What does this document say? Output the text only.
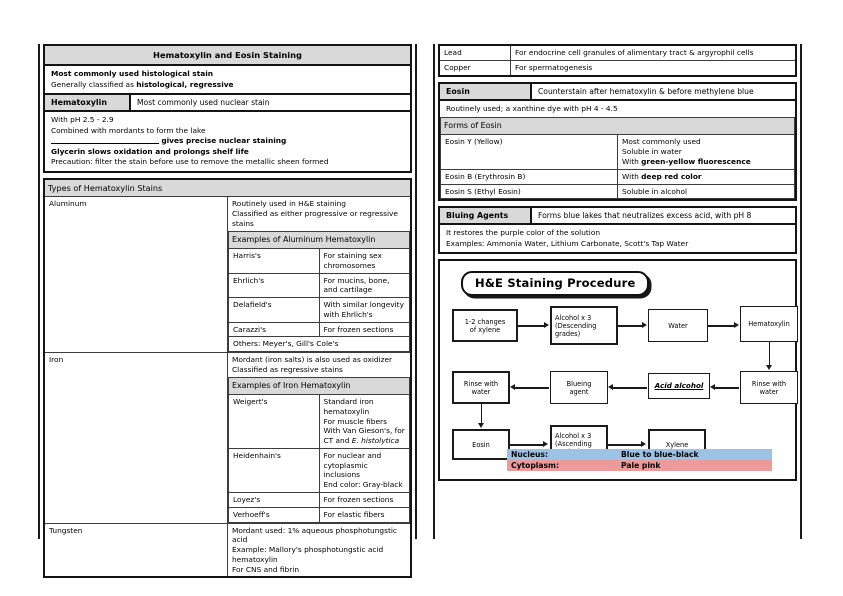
Hematoxylin and Eosin Staining
Most commonly used histological stain
Generally classified as histological, regressive
Hematoxylin	Most commonly used nuclear stain
With pH 2.5 - 2.9
Combined with mordants to form the lake
gives precise nuclear staining
Glycerin slows oxidation and prolongs shelf life
Precaution: filter the stain before use to remove the metallic sheen formed
Types of Hematoxylin Stains
Aluminum	Routinely used in H&E staining
Classified as either progressive or regressive stains
Examples of Aluminum Hematoxylin
Harris's	For staining sex chromosomes
Ehrlich's	For mucins, bone, and cartilage
Delafield's	With similar longevity with Ehrlich's
Carazzi's	For frozen sections
Others: Meyer's, Gill's Cole's

Iron	Mordant (iron salts) is also used as oxidizer
Classified as regressive stains
Examples of Iron Hematoxylin
Weigert's	Standard iron hematoxylin
For muscle fibers
With Van Gieson's, for CT and E. histolytica
Heidenhain's	For nuclear and cytoplasmic inclusions
End color: Gray-black
Loyez's	For frozen sections
Verhoeff's	For elastic fibers

Tungsten	Mordant used: 1% aqueous phosphotungstic acid
Example: Mallory's phosphotungstic acid hematoxylin
For CNS and fibrin
Lead	For endocrine cell granules of alimentary tract & argyrophil cells
Copper	For spermatogenesis
Eosin	Counterstain after hematoxylin & before methylene blue
Routinely used; a xanthine dye with pH 4 - 4.5
Forms of Eosin	
Eosin Y (Yellow)	Most commonly used
Soluble in water
With green-yellow fluorescence
Eosin B (Erythrosin B)	With deep red color
Eosin S (Ethyl Eosin)	Soluble in alcohol
Bluing Agents	Forms blue lakes that neutralizes excess acid, with pH 8
It restores the purple color of the solution
Examples: Ammonia Water, Lithium Carbonate, Scott's Tap Water
H&E Staining Procedure
1-2 changes
of xylene
Alcohol x 3
(Descending
grades)
Water	Hematoxylin
Rinse with
water
Acid alcohol
Blueing
agent
Rinse with
water
Eosin
Alcohol x 3
(Ascending	Xylene
Nucleus:	Blue to blue-black
Cytoplasm:	Pale pink
